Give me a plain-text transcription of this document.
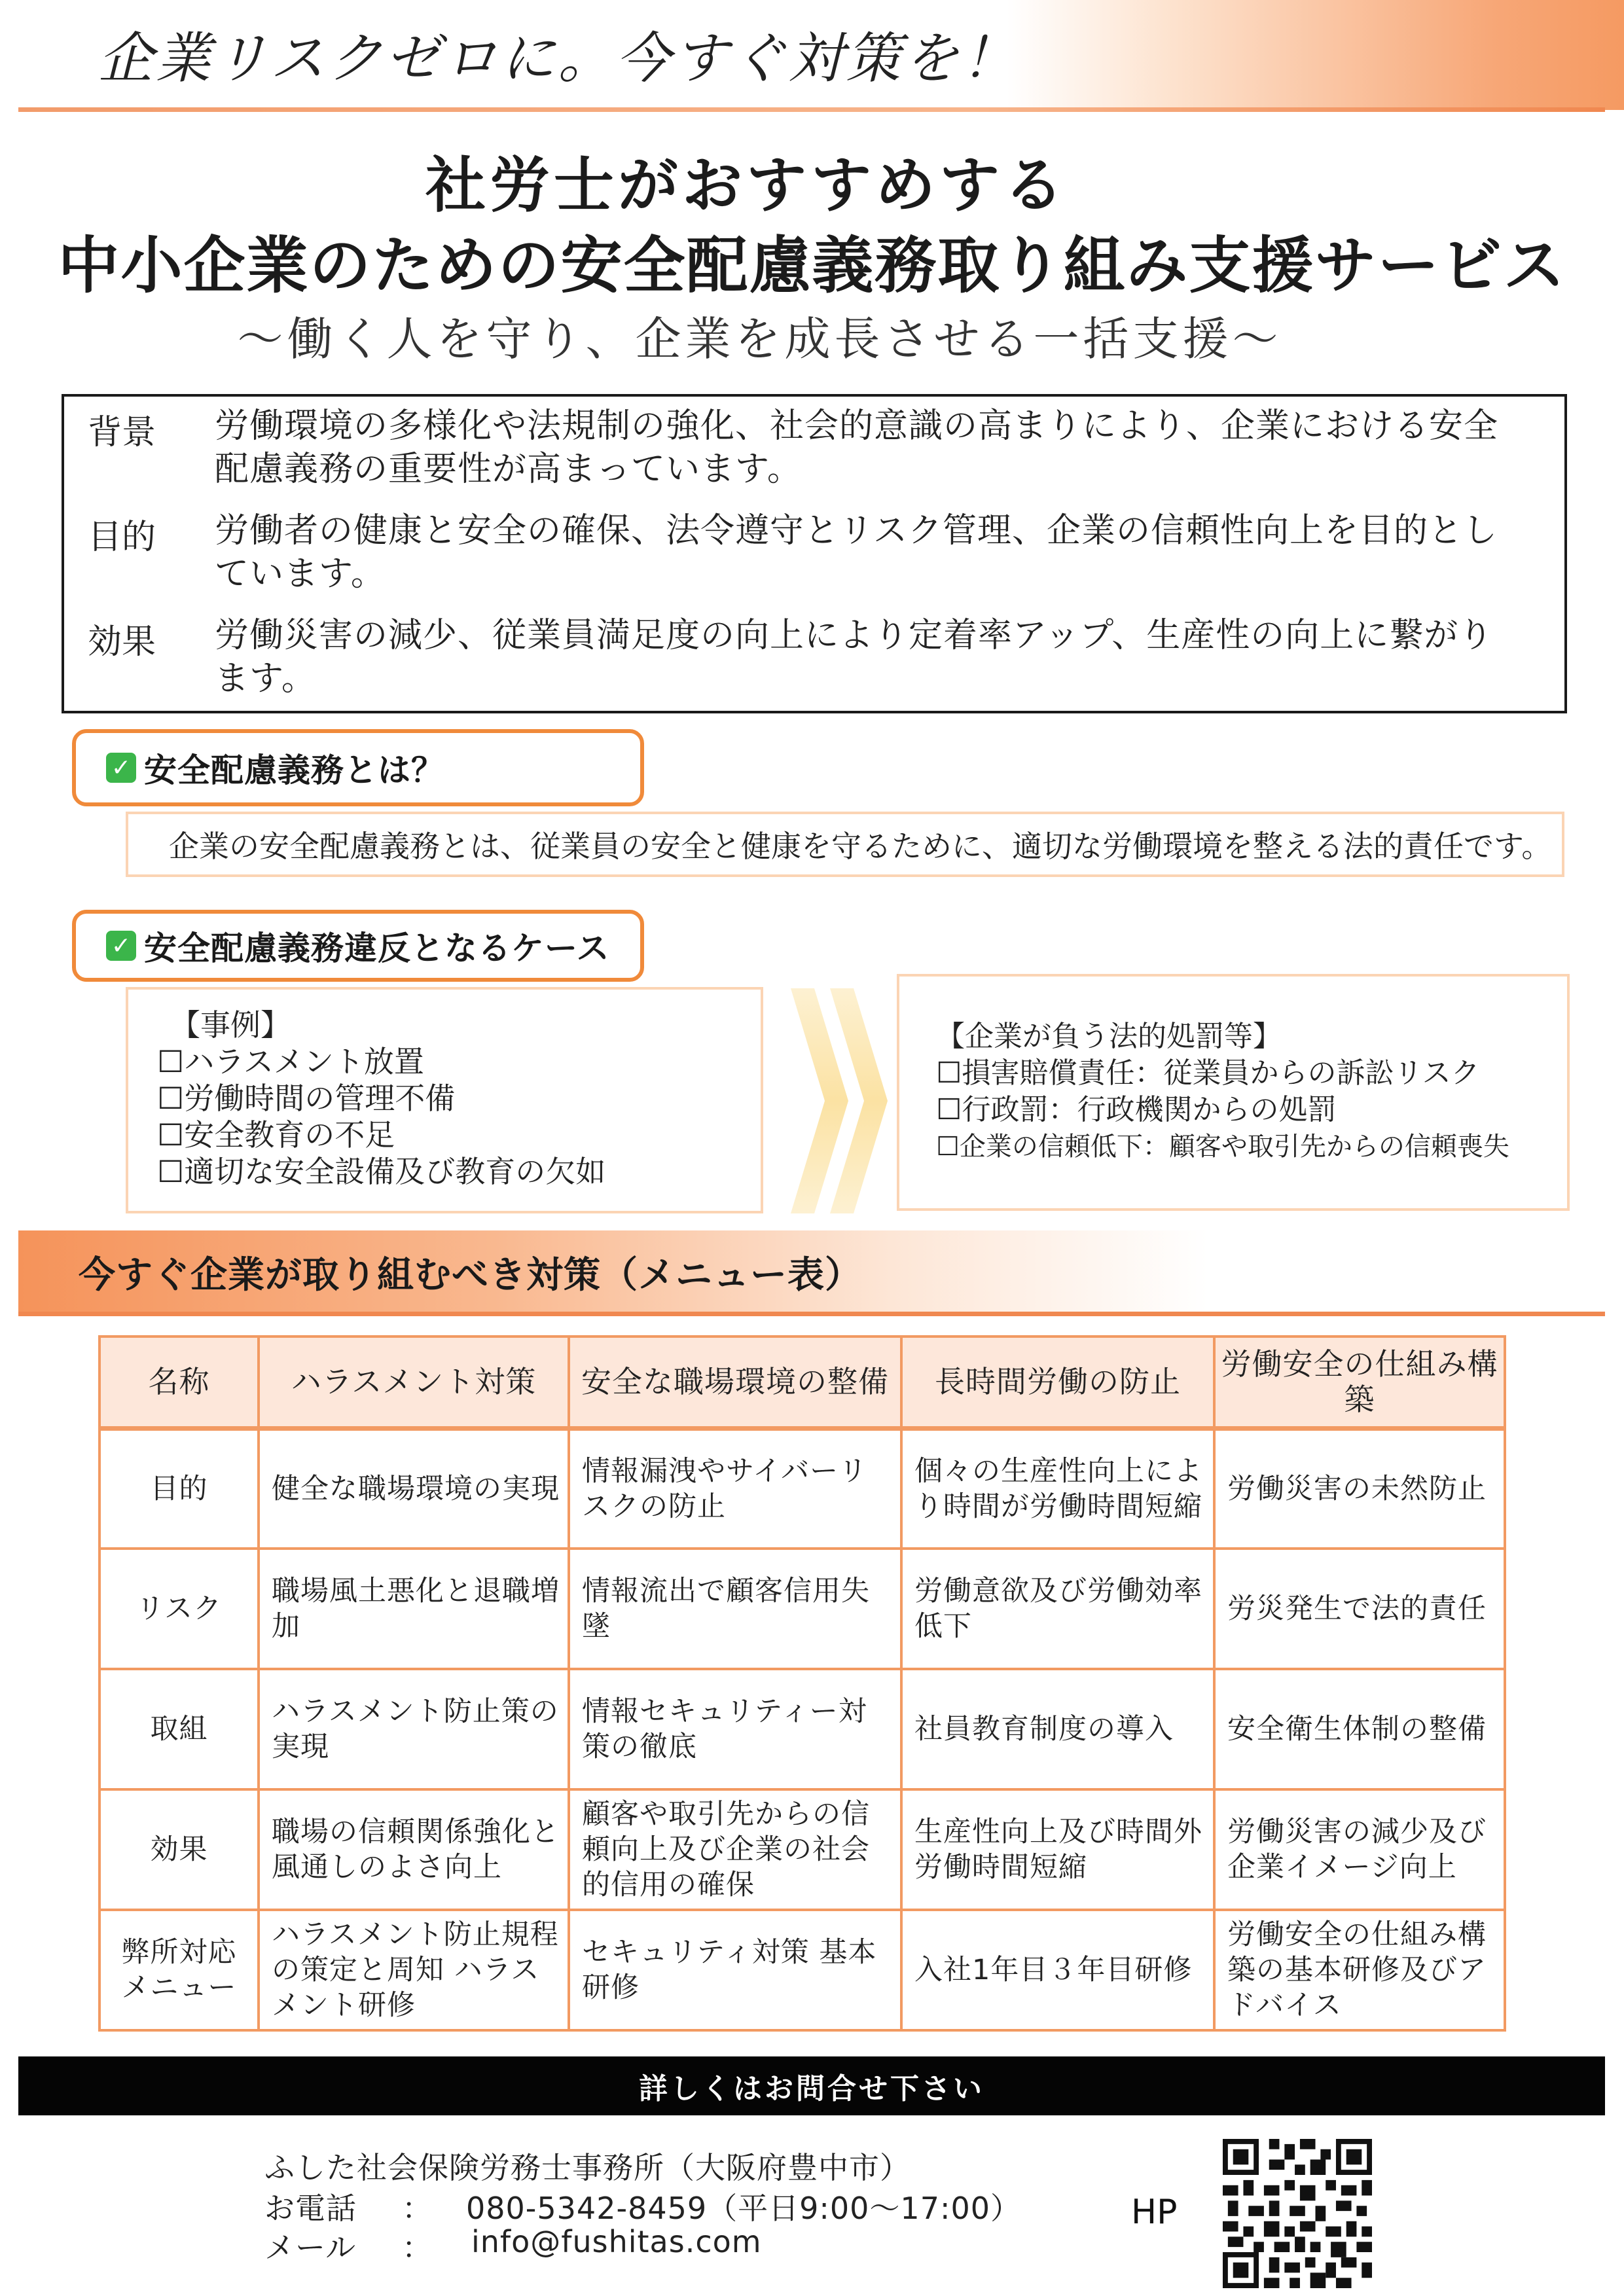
企業リスクゼロに。今すぐ対策を！
社労士がおすすめする
中小企業のための安全配慮義務取り組み支援サービス
〜働く人を守り、企業を成長させる一括支援〜
背景	労働環境の多様化や法規制の強化、社会的意識の高まりにより、企業における安全
配慮義務の重要性が高まっています。
目的	労働者の健康と安全の確保、法令遵守とリスク管理、企業の信頼性向上を目的とし
ています。
効果	労働災害の減少、従業員満足度の向上により定着率アップ、生産性の向上に繋がり
ます。
✓ 安全配慮義務とは？
企業の安全配慮義務とは、従業員の安全と健康を守るために、適切な労働環境を整える法的責任です。
✓ 安全配慮義務違反となるケース
【事例】
☐ハラスメント放置
☐労働時間の管理不備
☐安全教育の不足
☐適切な安全設備及び教育の欠如
【企業が負う法的処罰等】
☐損害賠償責任：従業員からの訴訟リスク
☐行政罰：行政機関からの処罰
☐企業の信頼低下：顧客や取引先からの信頼喪失
今すぐ企業が取り組むべき対策（メニュー表）
名称	ハラスメント対策	安全な職場環境の整備	長時間労働の防止	労働安全の仕組み構築
目的	健全な職場環境の実現	情報漏洩やサイバーリスクの防止	個々の生産性向上により時間が労働時間短縮	労働災害の未然防止
リスク	職場風土悪化と退職増加	情報流出で顧客信用失墜	労働意欲及び労働効率低下	労災発生で法的責任
取組	ハラスメント防止策の実現	情報セキュリティー対策の徹底	社員教育制度の導入	安全衛生体制の整備
効果	職場の信頼関係強化と風通しのよさ向上	顧客や取引先からの信頼向上及び企業の社会的信用の確保	生産性向上及び時間外労働時間短縮	労働災害の減少及び企業イメージ向上
弊所対応メニュー	ハラスメント防止規程の策定と周知 ハラスメント研修	セキュリティ対策 基本研修	入社1年目３年目研修	労働安全の仕組み構築の基本研修及びアドバイス
詳しくはお問合せ下さい
ふした社会保険労務士事務所（大阪府豊中市）
お電話 ： 080-5342-8459（平日9:00〜17:00）
メール ： info@fushitas.com
HP
